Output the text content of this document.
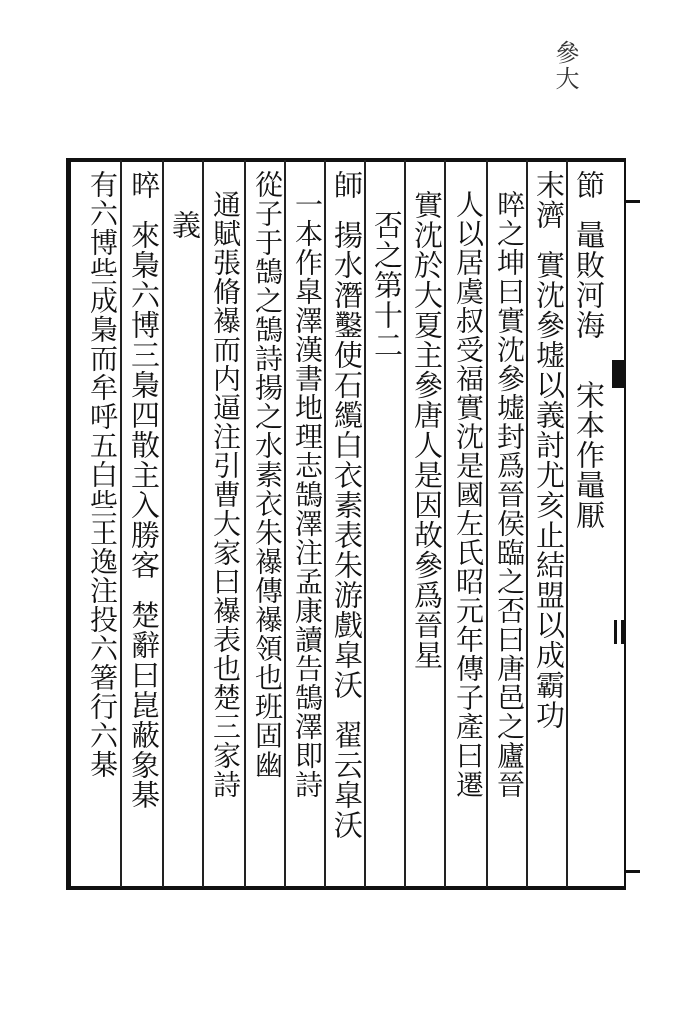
參大
節鼂敗河海宋本作鼂厭
末濟實沈參墟以義討尤亥止結盟以成霸功
晬之坤曰實沈參墟封爲晉侯臨之否曰唐邑之廬晉
人以居虞叔受福實沈是國左氏昭元年傳子產曰遷
實沈於大夏主參唐人是因故參爲晉星
否之第十二
師揚水潛鑿使石䌫白衣素表朱游戲皐沃翟云皐沃
一本作皐澤漢書地理志鵠澤注孟康讀告鵠澤即詩
從子于鵠之鵠詩揚之水素衣朱襮傳襮領也班固幽
通賦張脩襮而内逼注引曹大家曰襮表也楚三家詩
義
晬來梟六博三梟四散主入勝客楚辭曰崑蔽象棊
有六博些成梟而牟呼五白些王逸注投六箸行六棊
